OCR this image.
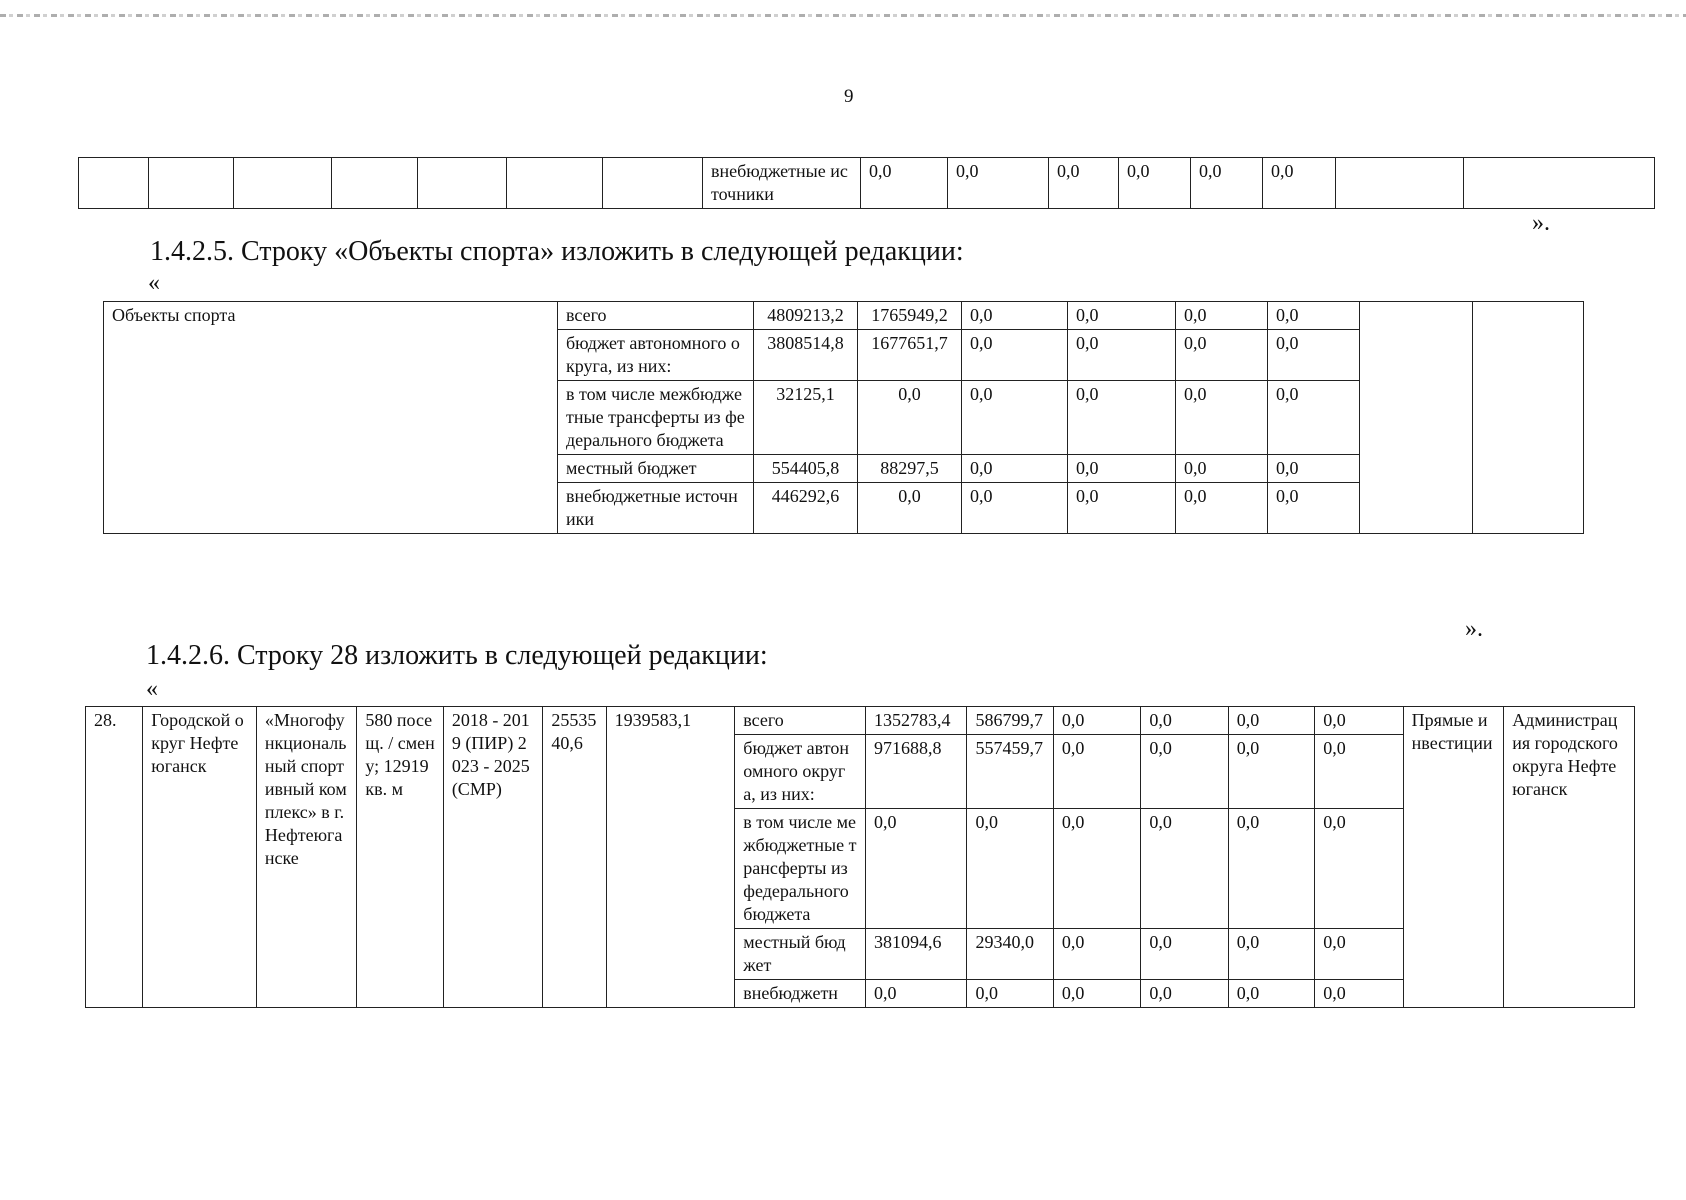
9
							внебюджетные источники	0,0	0,0	0,0	0,0	0,0	0,0		
».
1.4.2.5. Строку «Объекты спорта» изложить в следующей редакции:
«
Объекты спорта	всего	4809213,2	1765949,2	0,0	0,0	0,0	0,0		
	бюджет автономного округа, из них:	3808514,8	1677651,7	0,0	0,0	0,0	0,0		
	в том числе межбюджетные трансферты из федерального бюджета	32125,1	0,0	0,0	0,0	0,0	0,0		
	местный бюджет	554405,8	88297,5	0,0	0,0	0,0	0,0		
	внебюджетные источники	446292,6	0,0	0,0	0,0	0,0	0,0		
».
1.4.2.6. Строку 28 изложить в следующей редакции:
«
28.	Городской округ Нефтеюганск	«Многофункциональный спортивный комплекс» в г. Нефтеюганске	580 посещ. / смену; 12919 кв. м	2018 - 2019 (ПИР) 2023 - 2025 (СМР)	2553540,6	1939583,1	всего	1352783,4	586799,7	0,0	0,0	0,0	0,0	Прямые инвестиции	Администрация городского округа Нефтеюганск
							бюджет автономного округа, из них:	971688,8	557459,7	0,0	0,0	0,0	0,0		
							в том числе межбюджетные трансферты из федерального бюджета	0,0	0,0	0,0	0,0	0,0	0,0		
							местный бюджет	381094,6	29340,0	0,0	0,0	0,0	0,0		
							внебюджетн	0,0	0,0	0,0	0,0	0,0	0,0		
